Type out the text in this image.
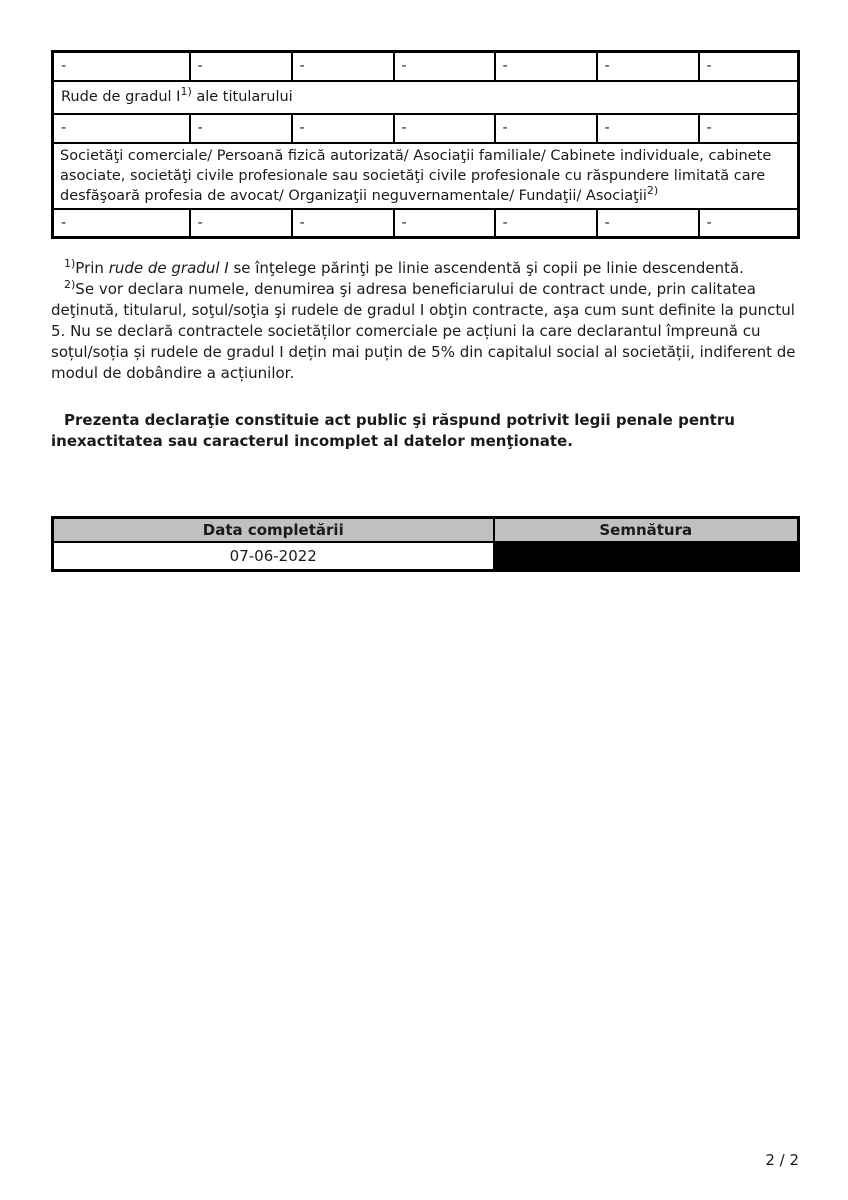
-	-	-	-	-	-	-
Rude de gradul I$^{1)}$ ale titularului						
-	-	-	-	-	-	-
Societăţi comerciale/ Persoană fizică autorizată/ Asociaţii familiale/ Cabinete individuale, cabinete asociate, societăţi civile profesionale sau societăţi civile profesionale cu răspundere limitată care desfăşoară profesia de avocat/ Organizaţii neguvernamentale/ Fundaţii/ Asociaţii$^{2)}$
-	-	-	-	-	-	-

$^{1)}$Prin rude de gradul I se înţelege părinţi pe linie ascendentă şi copii pe linie descendentă.

$^{2)}$Se vor declara numele, denumirea şi adresa beneficiarului de contract unde, prin calitatea deţinută, titularul, soţul/soţia şi rudele de gradul I obţin contracte, aşa cum sunt definite la punctul 5. Nu se declară contractele societăților comerciale pe acțiuni la care declarantul împreună cu soțul/soția și rudele de gradul I dețin mai puțin de 5% din capitalul social al societății, indiferent de modul de dobândire a acțiunilor.

Prezenta declaraţie constituie act public şi răspund potrivit legii penale pentru inexactitatea sau caracterul incomplet al datelor menţionate.

Data completării	Semnătura
07-06-2022	
2 / 2
